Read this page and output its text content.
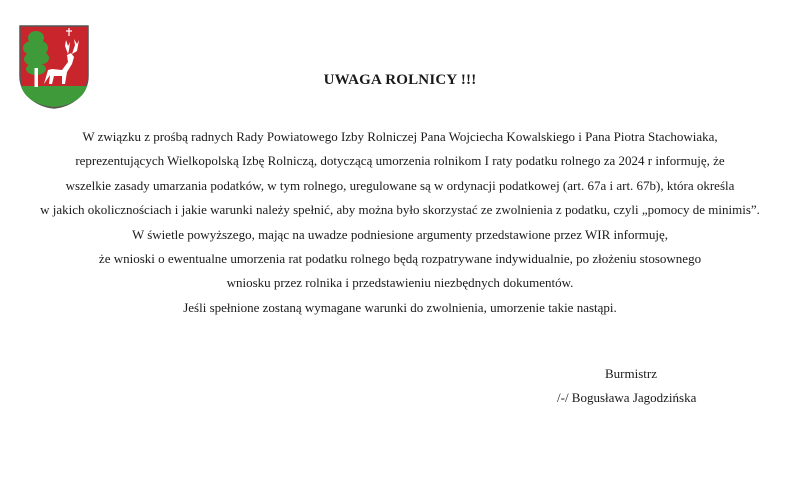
UWAGA ROLNICY !!!
W związku z prośbą radnych Rady Powiatowego Izby Rolniczej Pana Wojciecha Kowalskiego i Pana Piotra Stachowiaka,
reprezentujących Wielkopolską Izbę Rolniczą, dotyczącą umorzenia rolnikom I raty podatku rolnego za 2024 r informuję, że
wszelkie zasady umarzania podatków, w tym rolnego, uregulowane są w ordynacji podatkowej (art. 67a i art. 67b), która określa
w jakich okolicznościach i jakie warunki należy spełnić, aby można było skorzystać ze zwolnienia z podatku, czyli „pomocy de minimis”.
W świetle powyższego, mając na uwadze podniesione argumenty przedstawione przez WIR informuję,
że wnioski o ewentualne umorzenia rat podatku rolnego będą rozpatrywane indywidualnie, po złożeniu stosownego
wniosku przez rolnika i przedstawieniu niezbędnych dokumentów.
Jeśli spełnione zostaną wymagane warunki do zwolnienia, umorzenie takie nastąpi.
Burmistrz
/-/ Bogusława Jagodzińska
